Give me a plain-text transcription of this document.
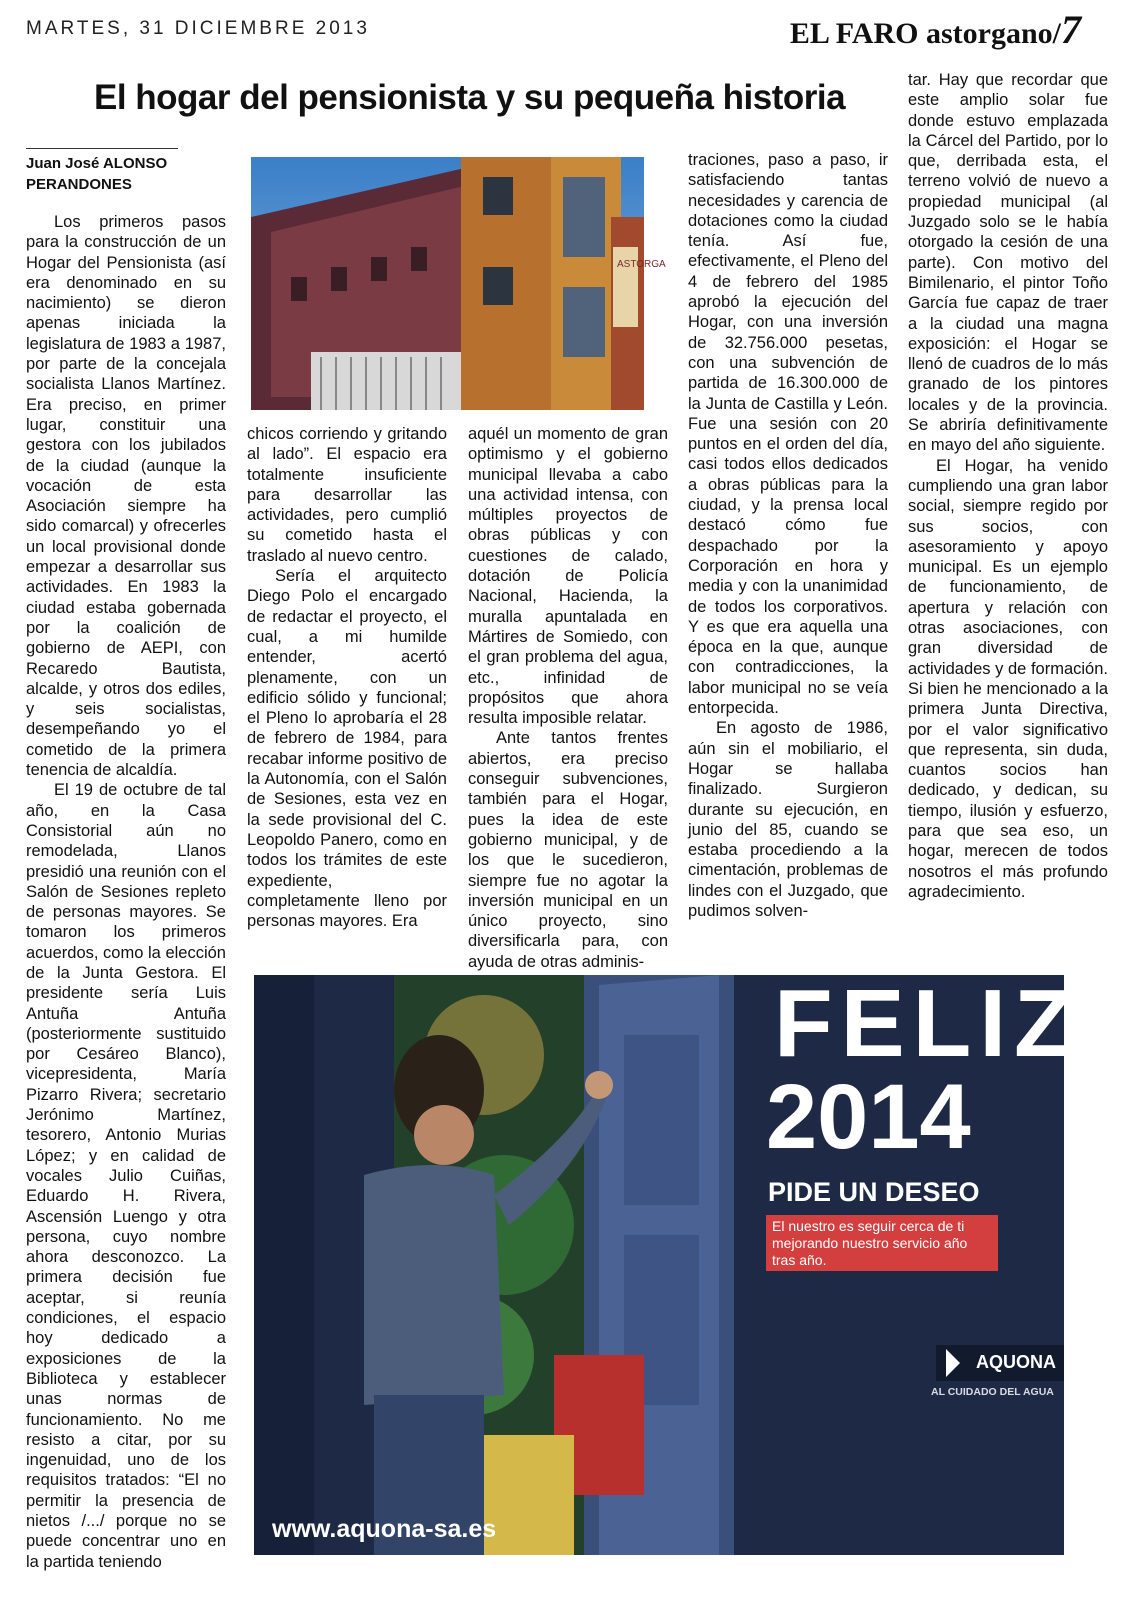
MARTES, 31 DICIEMBRE 2013	EL FARO astorgano/7
El hogar del pensionista y su pequeña historia
Juan José ALONSO
PERANDONES
ASTORGA

Los primeros pasos para la construcción de un Hogar del Pensionista (así era denominado en su nacimiento) se dieron apenas iniciada la legislatura de 1983 a 1987, por parte de la concejala socialista Llanos Martínez. Era preciso, en primer lugar, constituir una gestora con los jubilados de la ciudad (aunque la vocación de esta Asociación siempre ha sido comarcal) y ofrecerles un local provisional donde empezar a desarrollar sus actividades. En 1983 la ciudad estaba gobernada por la coalición de gobierno de AEPI, con Recaredo Bautista, alcalde, y otros dos ediles, y seis socialistas, desempeñando yo el cometido de la primera tenencia de alcaldía.

El 19 de octubre de tal año, en la Casa Consistorial aún no remodelada, Llanos presidió una reunión con el Salón de Sesiones repleto de personas mayores. Se tomaron los primeros acuerdos, como la elección de la Junta Gestora. El presidente sería Luis Antuña Antuña (posteriormente sustituido por Cesáreo Blanco), vicepresidenta, María Pizarro Rivera; secretario Jerónimo Martínez, tesorero, Antonio Murias López; y en calidad de vocales Julio Cuiñas, Eduardo H. Rivera, Ascensión Luengo y otra persona, cuyo nombre ahora desconozco. La primera decisión fue aceptar, si reunía condiciones, el espacio hoy dedicado a exposiciones de la Biblioteca y establecer unas normas de funcionamiento. No me resisto a citar, por su ingenuidad, uno de los requisitos tratados: “El no permitir la presencia de nietos /.../ porque no se puede concentrar uno en la partida teniendo

chicos corriendo y gritando al lado”. El espacio era totalmente insuficiente para desarrollar las actividades, pero cumplió su cometido hasta el traslado al nuevo centro.

Sería el arquitecto Diego Polo el encargado de redactar el proyecto, el cual, a mi humilde entender, acertó plenamente, con un edificio sólido y funcional; el Pleno lo aprobaría el 28 de febrero de 1984, para recabar informe positivo de la Autonomía, con el Salón de Sesiones, esta vez en la sede provisional del C. Leopoldo Panero, como en todos los trámites de este expediente, completamente lleno por personas mayores. Era

aquél un momento de gran optimismo y el gobierno municipal llevaba a cabo una actividad intensa, con múltiples proyectos de obras públicas y con cuestiones de calado, dotación de Policía Nacional, Hacienda, la muralla apuntalada en Mártires de Somiedo, con el gran problema del agua, etc., infinidad de propósitos que ahora resulta imposible relatar.

Ante tantos frentes abiertos, era preciso conseguir subvenciones, también para el Hogar, pues la idea de este gobierno municipal, y de los que le sucedieron, siempre fue no agotar la inversión municipal en un único proyecto, sino diversificarla para, con ayuda de otras adminis-

traciones, paso a paso, ir satisfaciendo tantas necesidades y carencia de dotaciones como la ciudad tenía. Así fue, efectivamente, el Pleno del 4 de febrero del 1985 aprobó la ejecución del Hogar, con una inversión de 32.756.000 pesetas, con una subvención de partida de 16.300.000 de la Junta de Castilla y León. Fue una sesión con 20 puntos en el orden del día, casi todos ellos dedicados a obras públicas para la ciudad, y la prensa local destacó cómo fue despachado por la Corporación en hora y media y con la unanimidad de todos los corporativos. Y es que era aquella una época en la que, aunque con contradicciones, la labor municipal no se veía entorpecida.

En agosto de 1986, aún sin el mobiliario, el Hogar se hallaba finalizado. Surgieron durante su ejecución, en junio del 85, cuando se estaba procediendo a la cimentación, problemas de lindes con el Juzgado, que pudimos solven-

tar. Hay que recordar que este amplio solar fue donde estuvo emplazada la Cárcel del Partido, por lo que, derribada esta, el terreno volvió de nuevo a propiedad municipal (al Juzgado solo se le había otorgado la cesión de una parte). Con motivo del Bimilenario, el pintor Toño García fue capaz de traer a la ciudad una magna exposición: el Hogar se llenó de cuadros de lo más granado de los pintores locales y de la provincia. Se abriría definitivamente en mayo del año siguiente.

El Hogar, ha venido cumpliendo una gran labor social, siempre regido por sus socios, con asesoramiento y apoyo municipal. Es un ejemplo de funcionamiento, de apertura y relación con otras asociaciones, con gran diversidad de actividades y de formación. Si bien he mencionado a la primera Junta Directiva, por el valor significativo que representa, sin duda, cuantos socios han dedicado, y dedican, su tiempo, ilusión y esfuerzo, para que sea eso, un hogar, merecen de todos nosotros el más profundo agradecimiento.

FELIZ
2014
PIDE UN DESEO
El nuestro es seguir cerca de ti mejorando nuestro servicio año tras año.
AQUONA
AL CUIDADO DEL AGUA
www.aquona-sa.es
